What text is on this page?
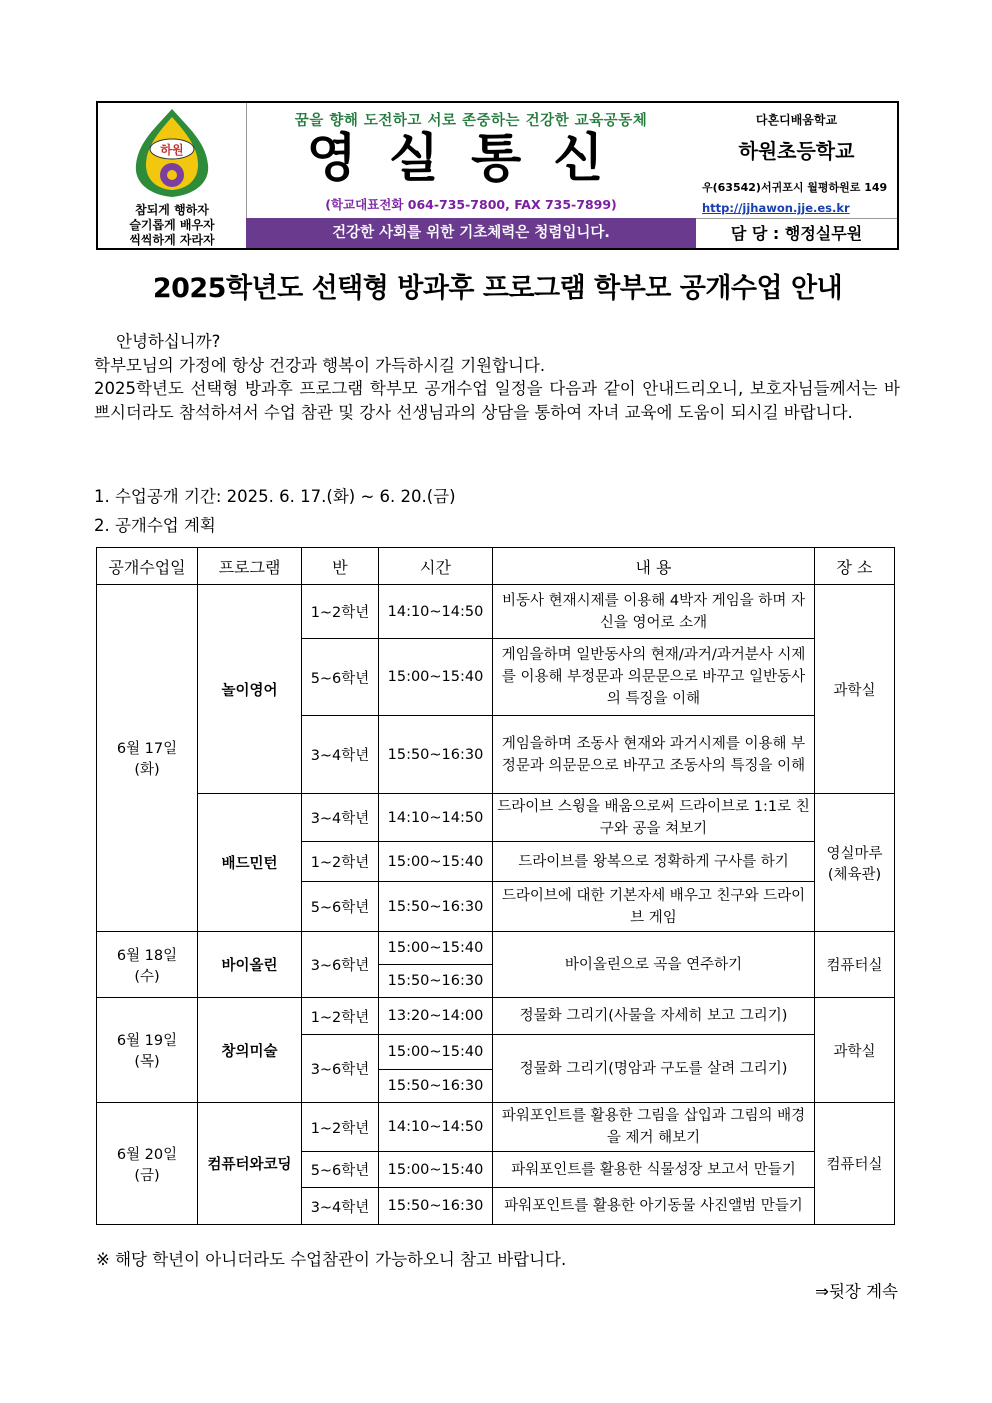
하원
참되게 행하자
슬기롭게 배우자
씩씩하게 자라자
꿈을 향해 도전하고 서로 존중하는 건강한 교육공동체
영실통신
(학교대표전화 064-735-7800, FAX 735-7899)
건강한 사회를 위한 기초체력은 청렴입니다.
다혼디배움학교
하원초등학교
우(63542)서귀포시 월평하원로 149
http://jjhawon.jje.es.kr
담 당 : 행정실무원
2025학년도 선택형 방과후 프로그램 학부모 공개수업 안내

안녕하십니까?

학부모님의 가정에 항상 건강과 행복이 가득하시길 기원합니다.

2025학년도 선택형 방과후 프로그램 학부모 공개수업 일정을 다음과 같이 안내드리오니, 보호자님들께서는 바쁘시더라도 참석하셔서 수업 참관 및 강사 선생님과의 상담을 통하여 자녀 교육에 도움이 되시길 바랍니다.

1. 수업공개 기간: 2025. 6. 17.(화) ~ 6. 20.(금)
2. 공개수업 계획
공개수업일	프로그램	반	시간	내 용	장 소

6월 17일
(화)	놀이영어	1~2학년	14:10~14:50	비동사 현재시제를 이용해 4박자 게임을 하며 자신을 영어로 소개	과학실
		5~6학년	15:00~15:40	게임을하며 일반동사의 현재/과거/과거분사 시제를 이용해 부정문과 의문문으로 바꾸고 일반동사의 특징을 이해	
		3~4학년	15:50~16:30	게임을하며 조동사 현재와 과거시제를 이용해 부정문과 의문문으로 바꾸고 조동사의 특징을 이해	
	배드민턴	3~4학년	14:10~14:50	드라이브 스윙을 배움으로써 드라이브로 1:1로 친구와 공을 쳐보기	영실마루
(체육관)

		1~2학년	15:00~15:40	드라이브를 왕복으로 정확하게 구사를 하기	
		5~6학년	15:50~16:30	드라이브에 대한 기본자세 배우고 친구와 드라이브 게임	

6월 18일
(수)	바이올린	3~6학년	15:00~15:40	바이올린으로 곡을 연주하기	컴퓨터실
			15:50~16:30		

6월 19일
(목)	창의미술	1~2학년	13:20~14:00	정물화 그리기(사물을 자세히 보고 그리기)	과학실
		3~6학년	15:00~15:40	정물화 그리기(명암과 구도를 살려 그리기)	
			15:50~16:30		

6월 20일
(금)	컴퓨터와코딩	1~2학년	14:10~14:50	파워포인트를 활용한 그림을 삽입과 그림의 배경을 제거 해보기	컴퓨터실
		5~6학년	15:00~15:40	파워포인트를 활용한 식물성장 보고서 만들기	
		3~4학년	15:50~16:30	파워포인트를 활용한 아기동물 사진앨범 만들기	
※ 해당 학년이 아니더라도 수업참관이 가능하오니 참고 바랍니다.
⇒뒷장 계속
